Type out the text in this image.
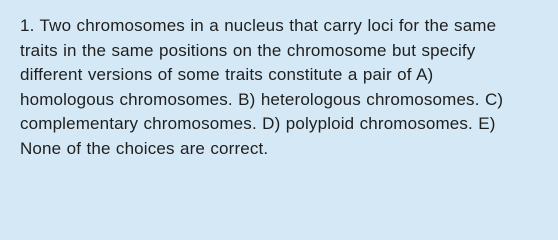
1. Two chromosomes in a nucleus that carry loci for the same
traits in the same positions on the chromosome but specify
different versions of some traits constitute a pair of A)
homologous chromosomes. B) heterologous chromosomes. C)
complementary chromosomes. D) polyploid chromosomes. E)
None of the choices are correct.
